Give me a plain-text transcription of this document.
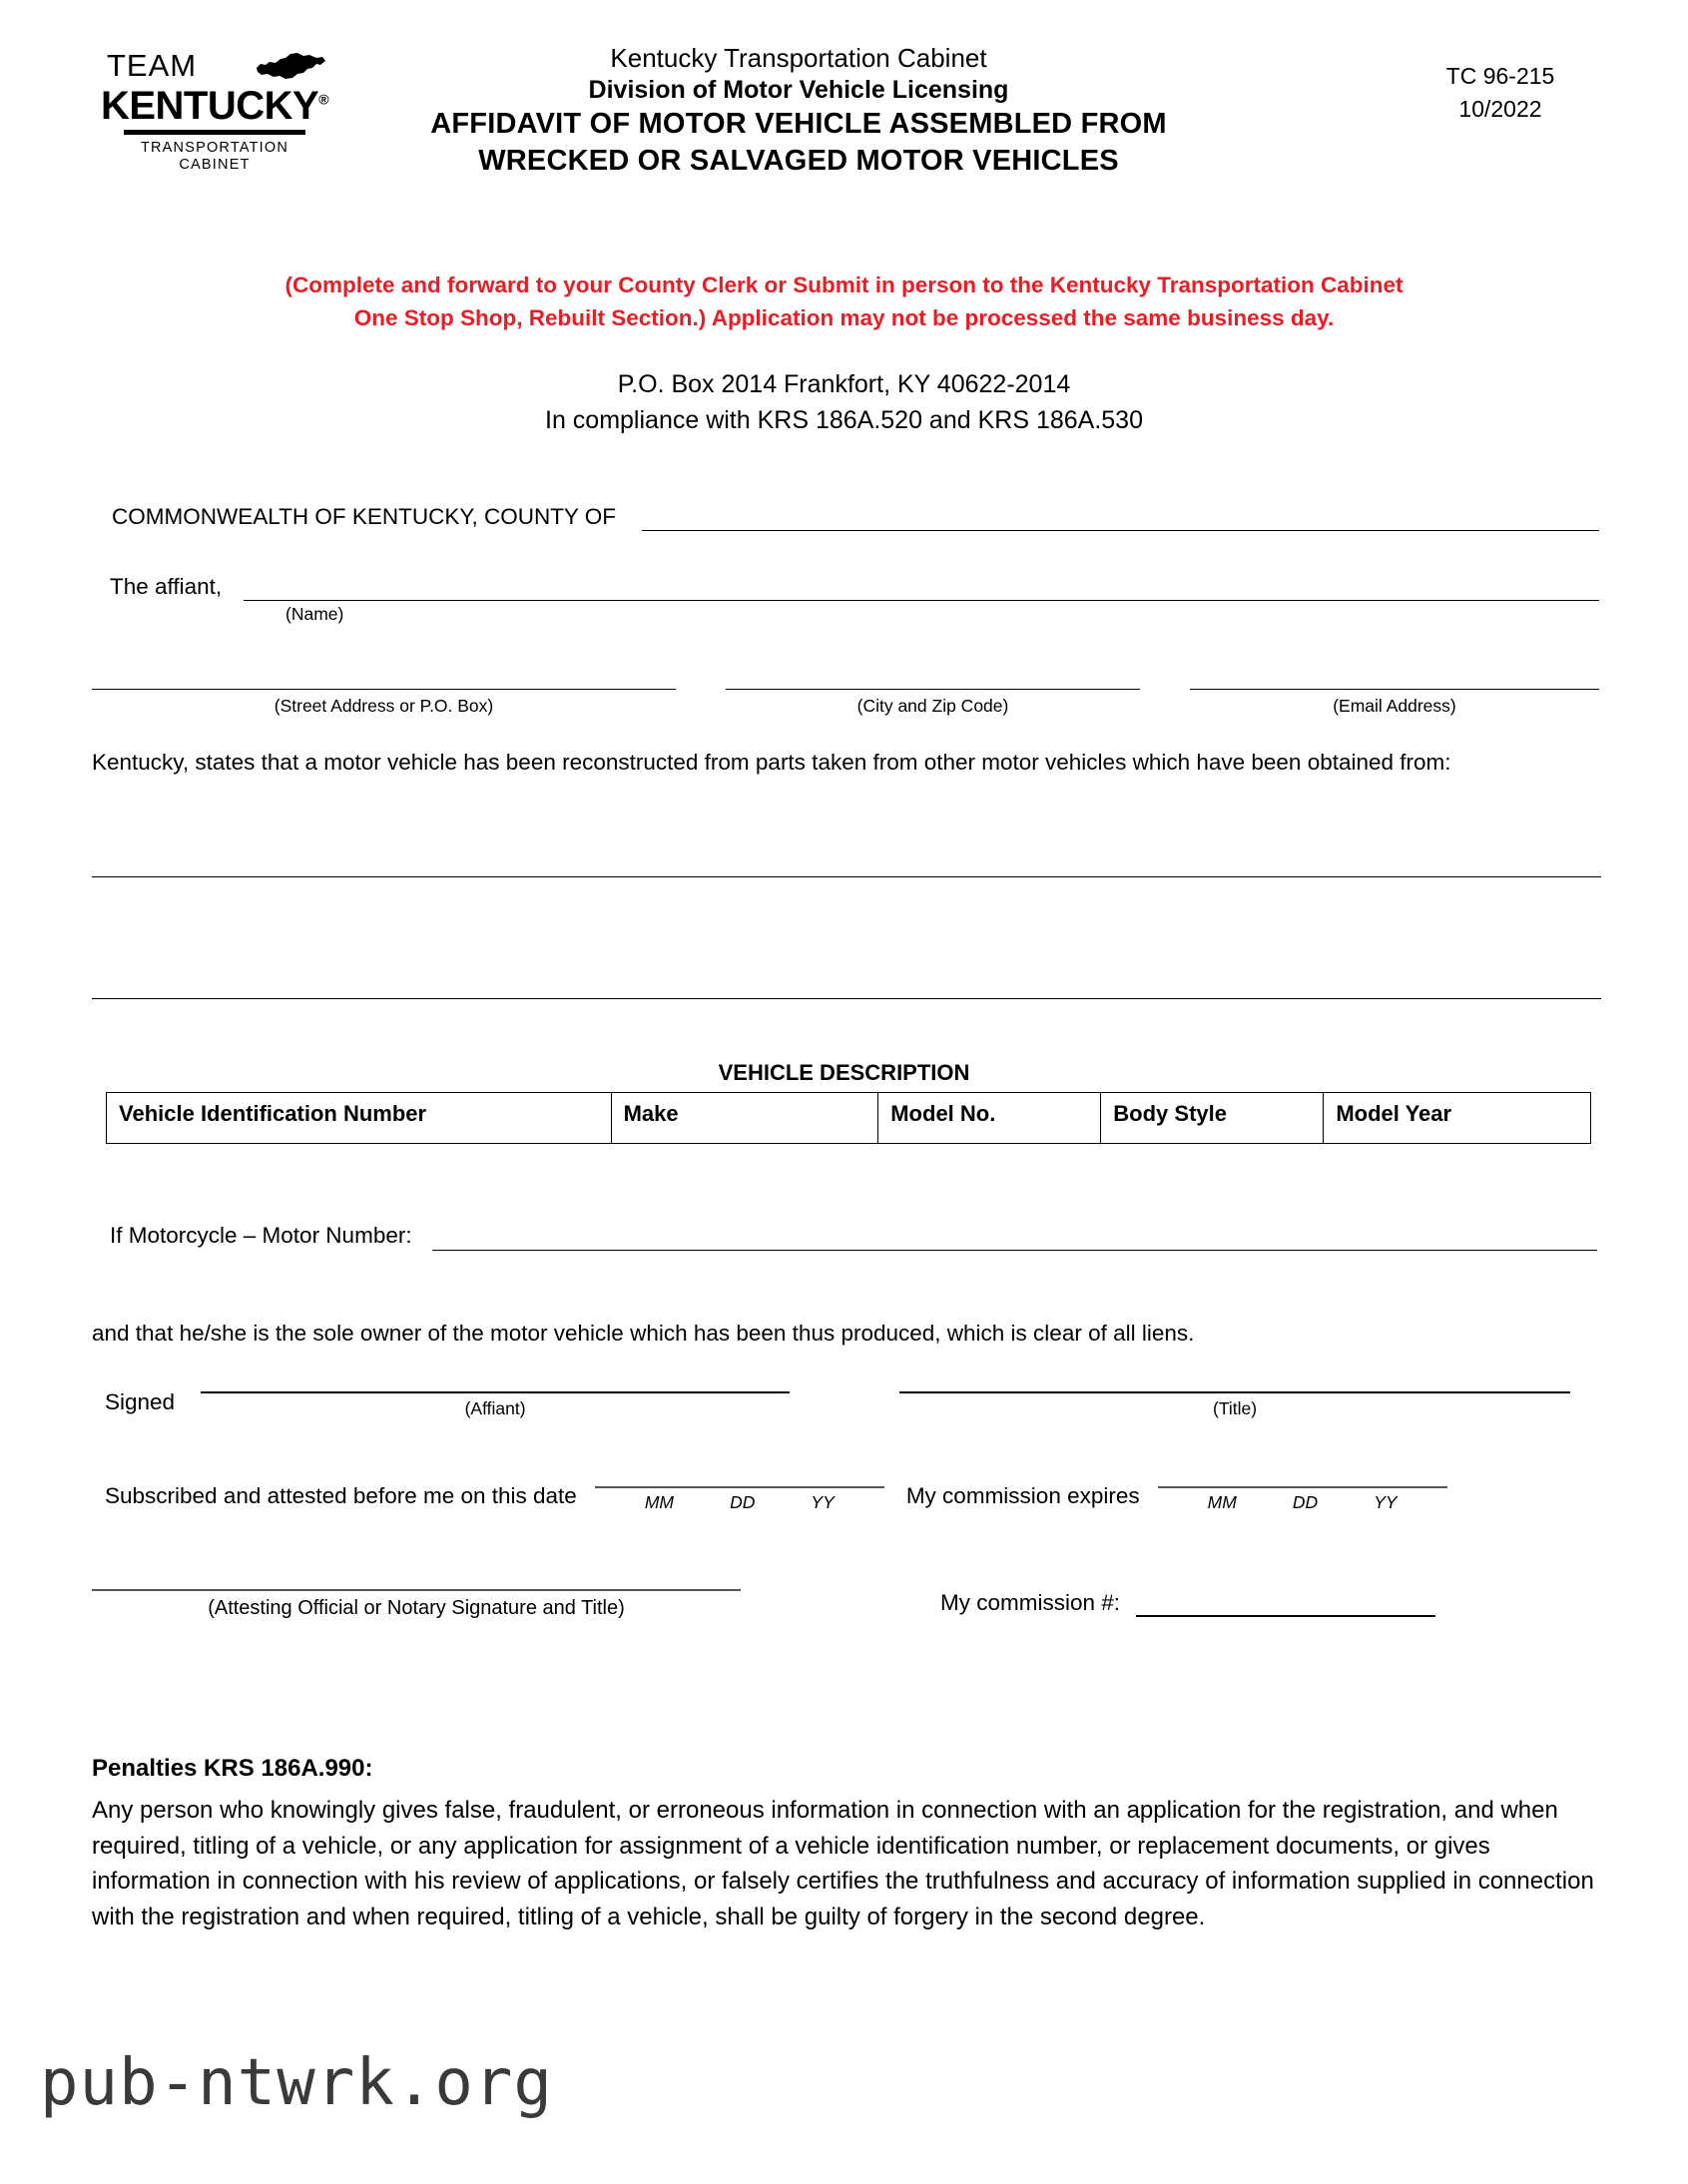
TEAM
KENTUCKY®
TRANSPORTATION
CABINET
Kentucky Transportation Cabinet
Division of Motor Vehicle Licensing
AFFIDAVIT OF MOTOR VEHICLE ASSEMBLED FROM
WRECKED OR SALVAGED MOTOR VEHICLES
TC 96-215
10/2022
(Complete and forward to your County Clerk or Submit in person to the Kentucky Transportation Cabinet
One Stop Shop, Rebuilt Section.) Application may not be processed the same business day.
P.O. Box 2014 Frankfort, KY 40622-2014
In compliance with KRS 186A.520 and KRS 186A.530
COMMONWEALTH OF KENTUCKY, COUNTY OF
The affiant,
(Name)
(Street Address or P.O. Box)	(City and Zip Code)	(Email Address)
Kentucky, states that a motor vehicle has been reconstructed from parts taken from other motor vehicles which have been obtained from:
VEHICLE DESCRIPTION
Vehicle Identification Number	Make	Model No.	Body Style	Model Year
If Motorcycle – Motor Number:
and that he/she is the sole owner of the motor vehicle which has been thus produced, which is clear of all liens.
Signed	(Affiant)	(Title)
Subscribed and attested before me on this date	MM	DD	YY	My commission expires	MM	DD	YY
(Attesting Official or Notary Signature and Title)	My commission #:
Penalties KRS 186A.990:
Any person who knowingly gives false, fraudulent, or erroneous information in connection with an application for the registration, and when required, titling of a vehicle, or any application for assignment of a vehicle identification number, or replacement documents, or gives information in connection with his review of applications, or falsely certifies the truthfulness and accuracy of information supplied in connection with the registration and when required, titling of a vehicle, shall be guilty of forgery in the second degree.
pub-ntwrk.org
